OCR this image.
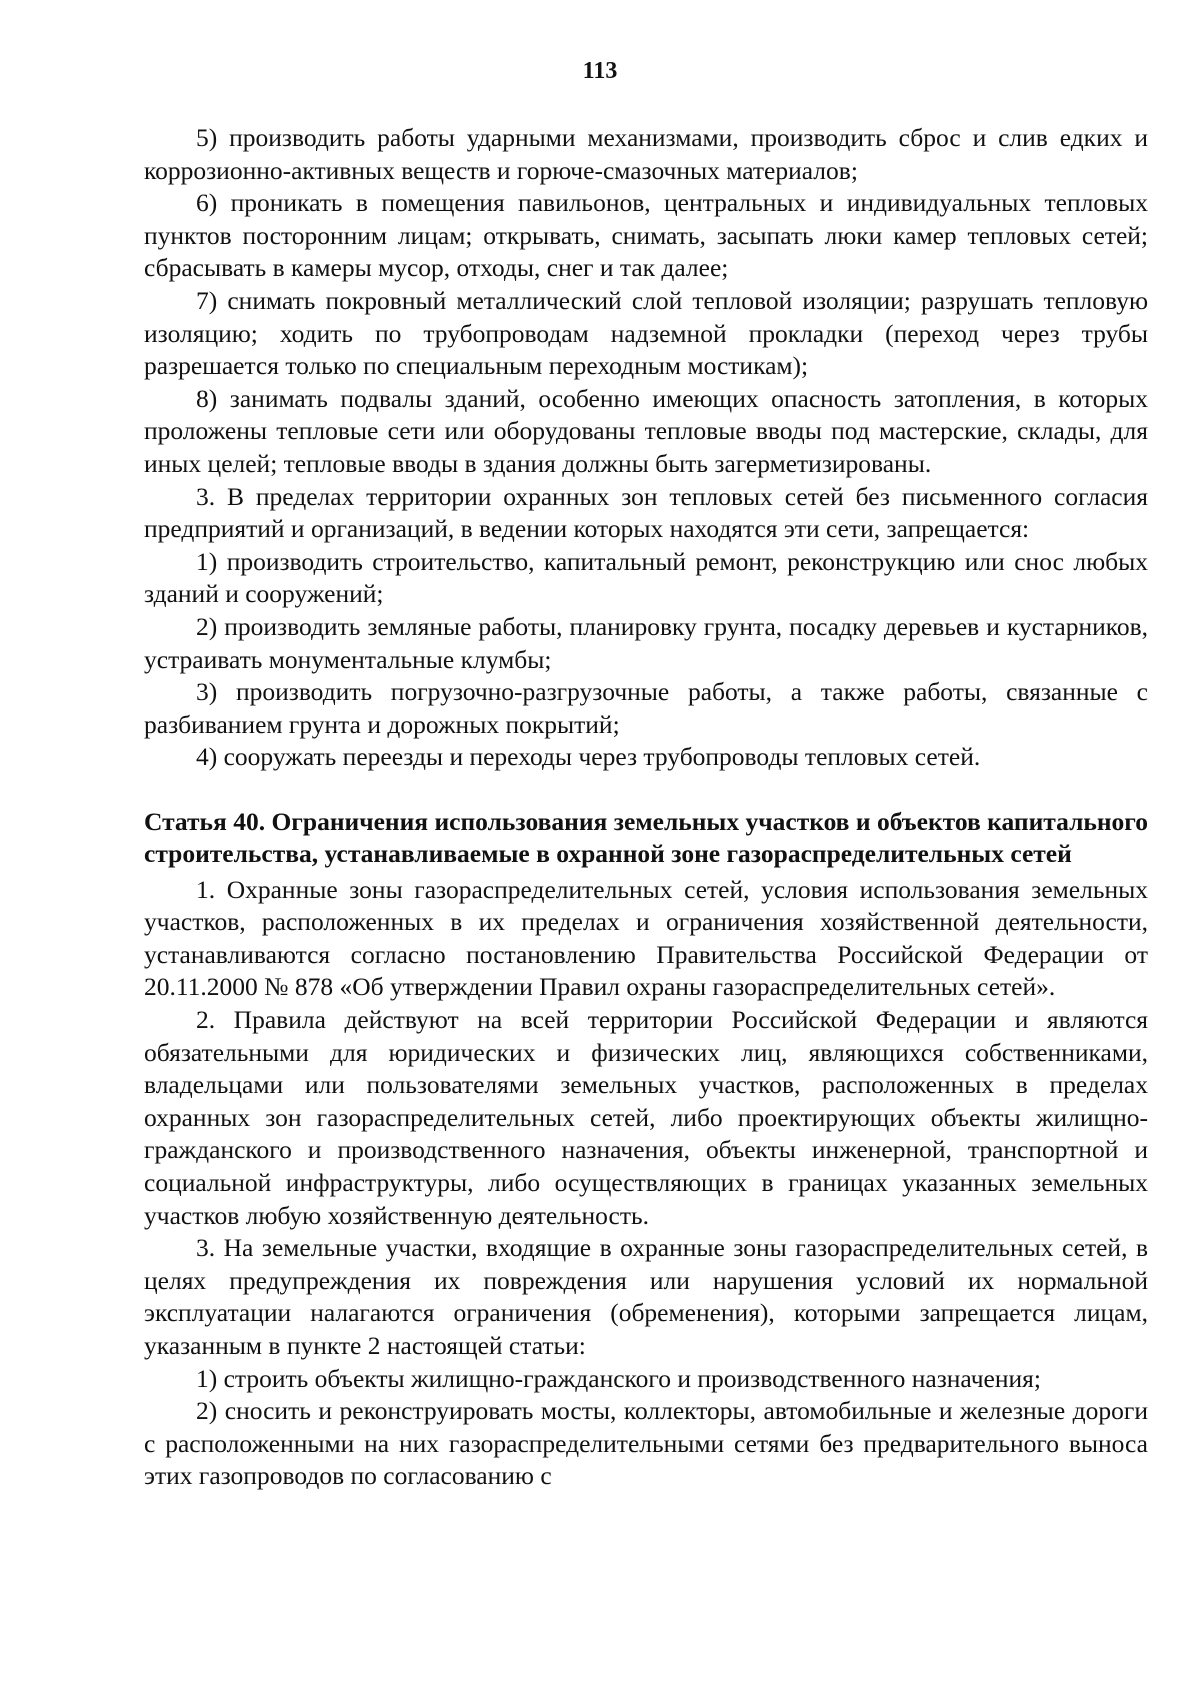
113

5) производить работы ударными механизмами, производить сброс и слив едких и коррозионно-активных веществ и горюче-смазочных материалов;

6) проникать в помещения павильонов, центральных и индивидуальных тепловых пунктов посторонним лицам; открывать, снимать, засыпать люки камер тепловых сетей; сбрасывать в камеры мусор, отходы, снег и так далее;

7) снимать покровный металлический слой тепловой изоляции; разрушать тепловую изоляцию; ходить по трубопроводам надземной прокладки (переход через трубы разрешается только по специальным переходным мостикам);

8) занимать подвалы зданий, особенно имеющих опасность затопления, в которых проложены тепловые сети или оборудованы тепловые вводы под мастерские, склады, для иных целей; тепловые вводы в здания должны быть загерметизированы.

3. В пределах территории охранных зон тепловых сетей без письменного согласия предприятий и организаций, в ведении которых находятся эти сети, запрещается:

1) производить строительство, капитальный ремонт, реконструкцию или снос любых зданий и сооружений;

2) производить земляные работы, планировку грунта, посадку деревьев и кустарников, устраивать монументальные клумбы;

3) производить погрузочно-разгрузочные работы, а также работы, связанные с разбиванием грунта и дорожных покрытий;

4) сооружать переезды и переходы через трубопроводы тепловых сетей.

Статья 40. Ограничения использования земельных участков и объектов капитального строительства, устанавливаемые в охранной зоне газораспределительных сетей

1. Охранные зоны газораспределительных сетей, условия использования земельных участков, расположенных в их пределах и ограничения хозяйственной деятельности, устанавливаются согласно постановлению Правительства Российской Федерации от 20.11.2000 № 878 «Об утверждении Правил охраны газораспределительных сетей».

2. Правила действуют на всей территории Российской Федерации и являются обязательными для юридических и физических лиц, являющихся собственниками, владельцами или пользователями земельных участков, расположенных в пределах охранных зон газораспределительных сетей, либо проектирующих объекты жилищно-гражданского и производственного назначения, объекты инженерной, транспортной и социальной инфраструктуры, либо осуществляющих в границах указанных земельных участков любую хозяйственную деятельность.

3. На земельные участки, входящие в охранные зоны газораспределительных сетей, в целях предупреждения их повреждения или нарушения условий их нормальной эксплуатации налагаются ограничения (обременения), которыми запрещается лицам, указанным в пункте 2 настоящей статьи:

1) строить объекты жилищно-гражданского и производственного назначения;

2) сносить и реконструировать мосты, коллекторы, автомобильные и железные дороги с расположенными на них газораспределительными сетями без предварительного выноса этих газопроводов по согласованию с
